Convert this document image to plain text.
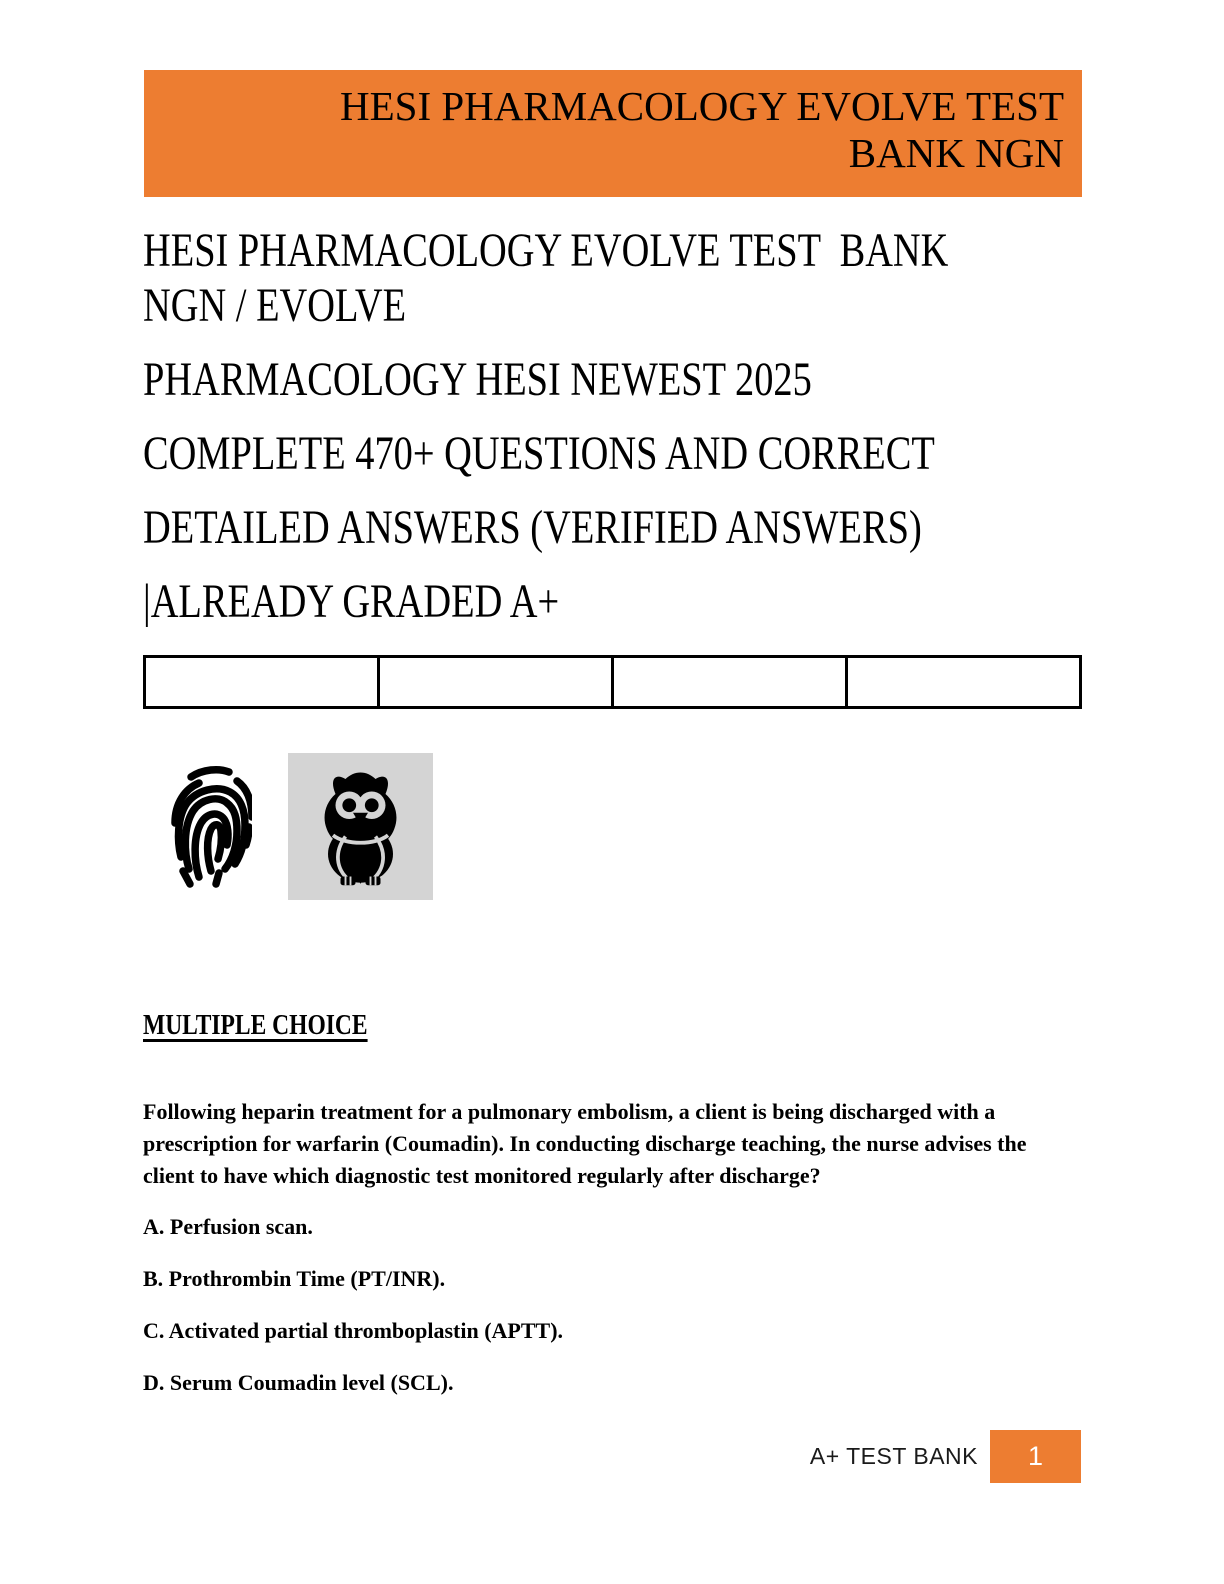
HESI PHARMACOLOGY EVOLVE TEST
BANK NGN
HESI PHARMACOLOGY EVOLVE TEST  BANK
NGN / EVOLVE
PHARMACOLOGY HESI NEWEST 2025
COMPLETE 470+ QUESTIONS AND CORRECT
DETAILED ANSWERS (VERIFIED ANSWERS)
|ALREADY GRADED A+

MULTIPLE CHOICE

Following heparin treatment for a pulmonary embolism, a client is being discharged with a prescription for warfarin (Coumadin). In conducting discharge teaching, the nurse advises the client to have which diagnostic test monitored regularly after discharge?

A. Perfusion scan.

B. Prothrombin Time (PT/INR).

C. Activated partial thromboplastin (APTT).

D. Serum Coumadin level (SCL).

A+ TEST BANK 1
